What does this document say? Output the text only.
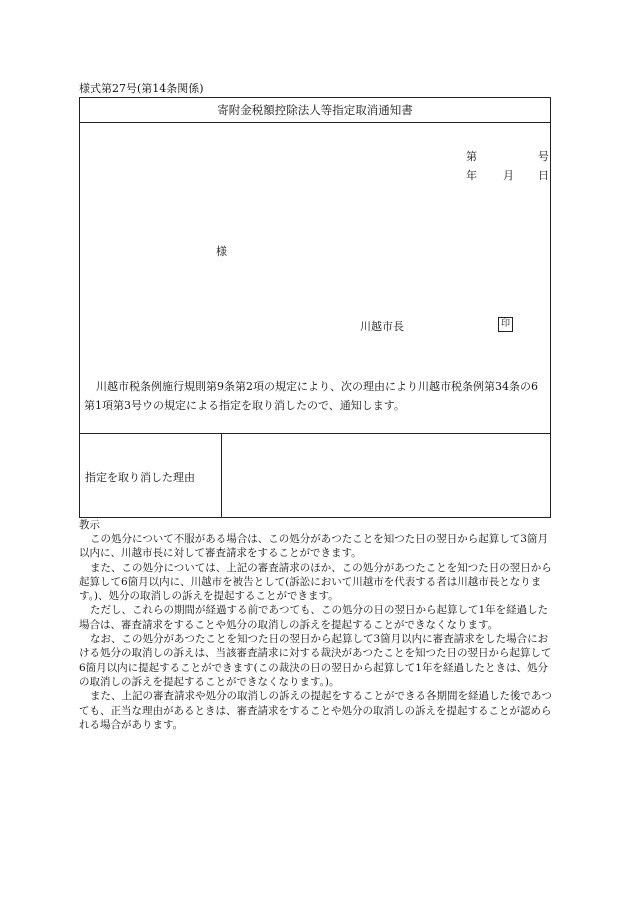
様式第27号(第14条関係)
寄附金税額控除法人等指定取消通知書
第	号
年 月 日
様
川越市長	印
川越市税条例施行規則第9条第2項の規定により、次の理由により川越市税条例第34条の6第1項第3号ウの規定による指定を取り消したので、通知します。
指定を取り消した理由
教示

この処分について不服がある場合は、この処分があつたことを知つた日の翌日から起算して3箇月以内に、川越市長に対して審査請求をすることができます。

また、この処分については、上記の審査請求のほか、この処分があつたことを知つた日の翌日から起算して6箇月以内に、川越市を被告として(訴訟において川越市を代表する者は川越市長となります。)、処分の取消しの訴えを提起することができます。

ただし、これらの期間が経過する前であつても、この処分の日の翌日から起算して1年を経過した場合は、審査請求をすることや処分の取消しの訴えを提起することができなくなります。

なお、この処分があつたことを知つた日の翌日から起算して3箇月以内に審査請求をした場合における処分の取消しの訴えは、当該審査請求に対する裁決があつたことを知つた日の翌日から起算して6箇月以内に提起することができます(この裁決の日の翌日から起算して1年を経過したときは、処分の取消しの訴えを提起することができなくなります。)。

また、上記の審査請求や処分の取消しの訴えの提起をすることができる各期間を経過した後であつても、正当な理由があるときは、審査請求をすることや処分の取消しの訴えを提起することが認められる場合があります。
